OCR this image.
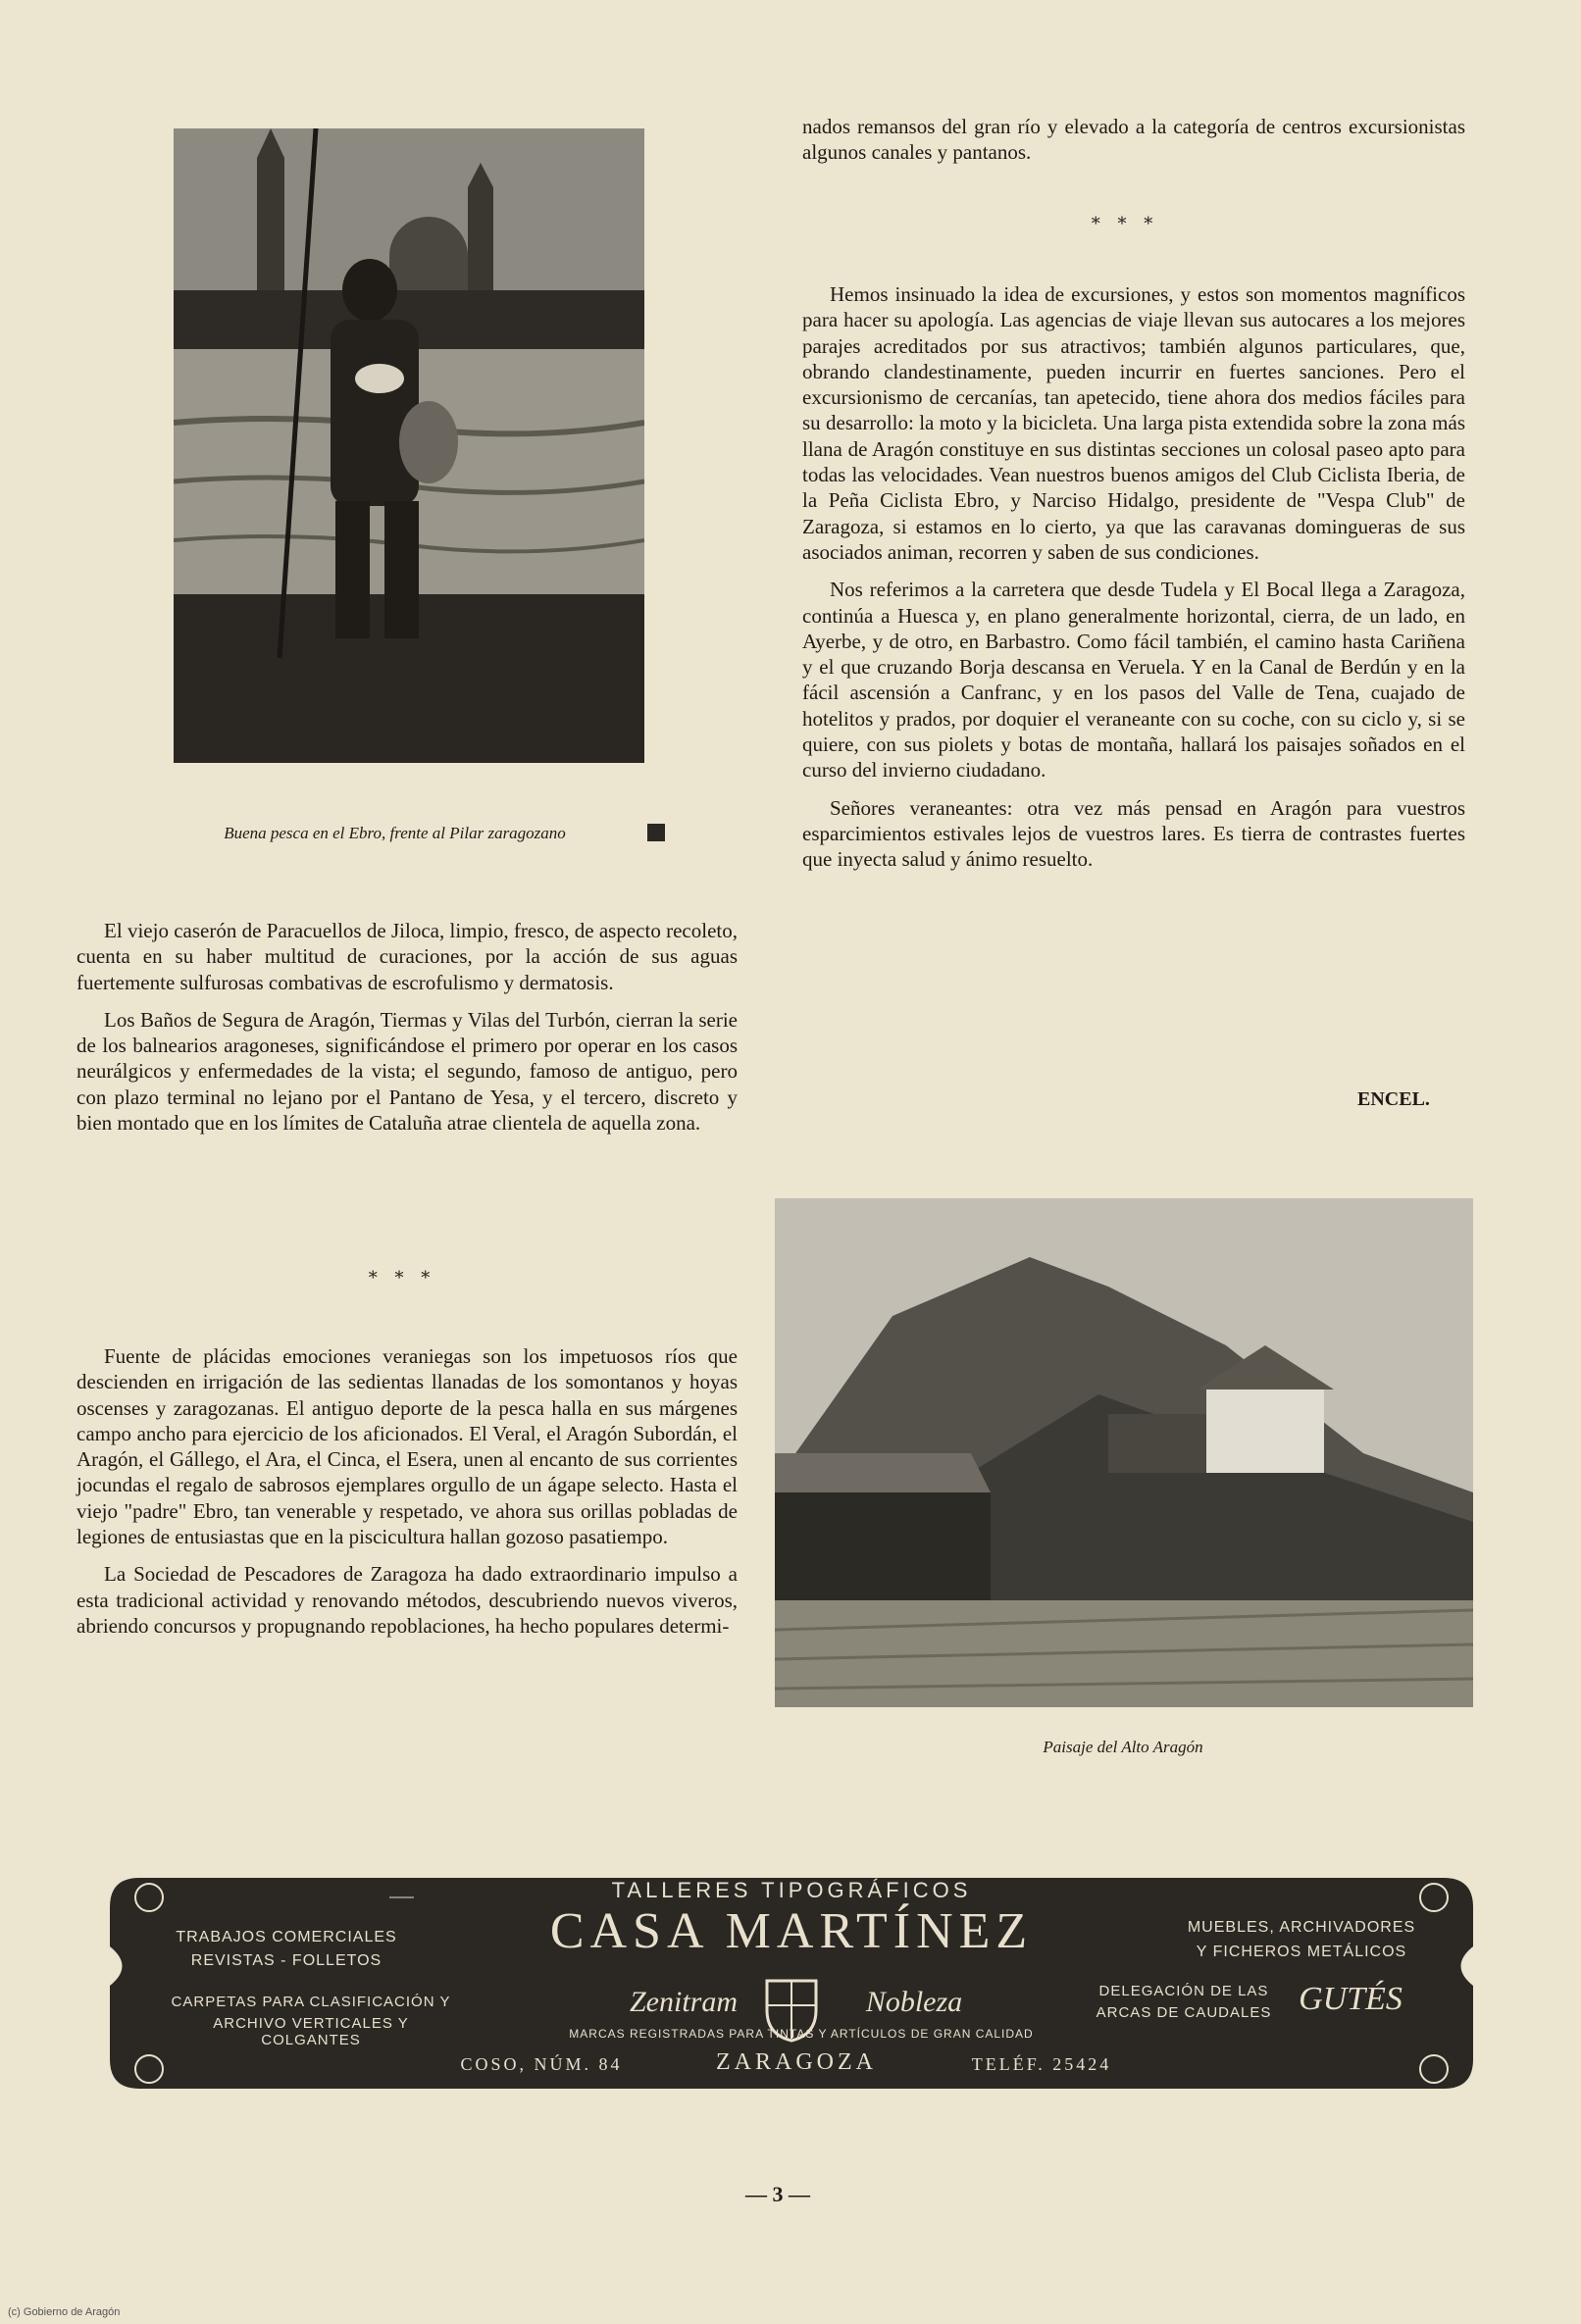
Buena pesca en el Ebro, frente al Pilar zaragozano

El viejo caserón de Paracuellos de Jiloca, limpio, fresco, de aspecto recoleto, cuenta en su haber multitud de curaciones, por la acción de sus aguas fuertemente sulfurosas combativas de escrofulismo y dermatosis.

Los Baños de Segura de Aragón, Tiermas y Vilas del Turbón, cierran la serie de los balnearios aragoneses, significándose el primero por operar en los casos neurálgicos y enfermedades de la vista; el segundo, famoso de antiguo, pero con plazo terminal no lejano por el Pantano de Yesa, y el tercero, discreto y bien montado que en los límites de Cataluña atrae clientela de aquella zona.

* * *

Fuente de plácidas emociones veraniegas son los impetuosos ríos que descienden en irrigación de las sedientas llanadas de los somontanos y hoyas oscenses y zaragozanas. El antiguo deporte de la pesca halla en sus márgenes campo ancho para ejercicio de los aficionados. El Veral, el Aragón Subordán, el Aragón, el Gállego, el Ara, el Cinca, el Esera, unen al encanto de sus corrientes jocundas el regalo de sabrosos ejemplares orgullo de un ágape selecto. Hasta el viejo "padre" Ebro, tan venerable y respetado, ve ahora sus orillas pobladas de legiones de entusiastas que en la piscicultura hallan gozoso pasatiempo.

La Sociedad de Pescadores de Zaragoza ha dado extraordinario impulso a esta tradicional actividad y renovando métodos, descubriendo nuevos viveros, abriendo concursos y propugnando repoblaciones, ha hecho populares determi-

nados remansos del gran río y elevado a la categoría de centros excursionistas algunos canales y pantanos.

* * *

Hemos insinuado la idea de excursiones, y estos son momentos magníficos para hacer su apología. Las agencias de viaje llevan sus autocares a los mejores parajes acreditados por sus atractivos; también algunos particulares, que, obrando clandestinamente, pueden incurrir en fuertes sanciones. Pero el excursionismo de cercanías, tan apetecido, tiene ahora dos medios fáciles para su desarrollo: la moto y la bicicleta. Una larga pista extendida sobre la zona más llana de Aragón constituye en sus distintas secciones un colosal paseo apto para todas las velocidades. Vean nuestros buenos amigos del Club Ciclista Iberia, de la Peña Ciclista Ebro, y Narciso Hidalgo, presidente de "Vespa Club" de Zaragoza, si estamos en lo cierto, ya que las caravanas domingueras de sus asociados animan, recorren y saben de sus condiciones.

Nos referimos a la carretera que desde Tudela y El Bocal llega a Zaragoza, continúa a Huesca y, en plano generalmente horizontal, cierra, de un lado, en Ayerbe, y de otro, en Barbastro. Como fácil también, el camino hasta Cariñena y el que cruzando Borja descansa en Veruela. Y en la Canal de Berdún y en la fácil ascensión a Canfranc, y en los pasos del Valle de Tena, cuajado de hotelitos y prados, por doquier el veraneante con su coche, con su ciclo y, si se quiere, con sus piolets y botas de montaña, hallará los paisajes soñados en el curso del invierno ciudadano.

Señores veraneantes: otra vez más pensad en Aragón para vuestros esparcimientos estivales lejos de vuestros lares. Es tierra de contrastes fuertes que inyecta salud y ánimo resuelto.

ENCEL.
Paisaje del Alto Aragón
TALLERES TIPOGRÁFICOS
CASA MARTÍNEZ
TRABAJOS COMERCIALES
REVISTAS - FOLLETOS
MUEBLES, ARCHIVADORES
Y FICHEROS METÁLICOS
CARPETAS PARA CLASIFICACIÓN Y
ARCHIVO VERTICALES Y COLGANTES
Zenitram	Nobleza
MARCAS REGISTRADAS PARA TINTAS Y ARTÍCULOS DE GRAN CALIDAD
DELEGACIÓN DE LAS
ARCAS DE CAUDALES GUTÉS
COSO, NÚM. 84	ZARAGOZA	TELÉF. 25424
— 3 —
(c) Gobierno de Aragón
